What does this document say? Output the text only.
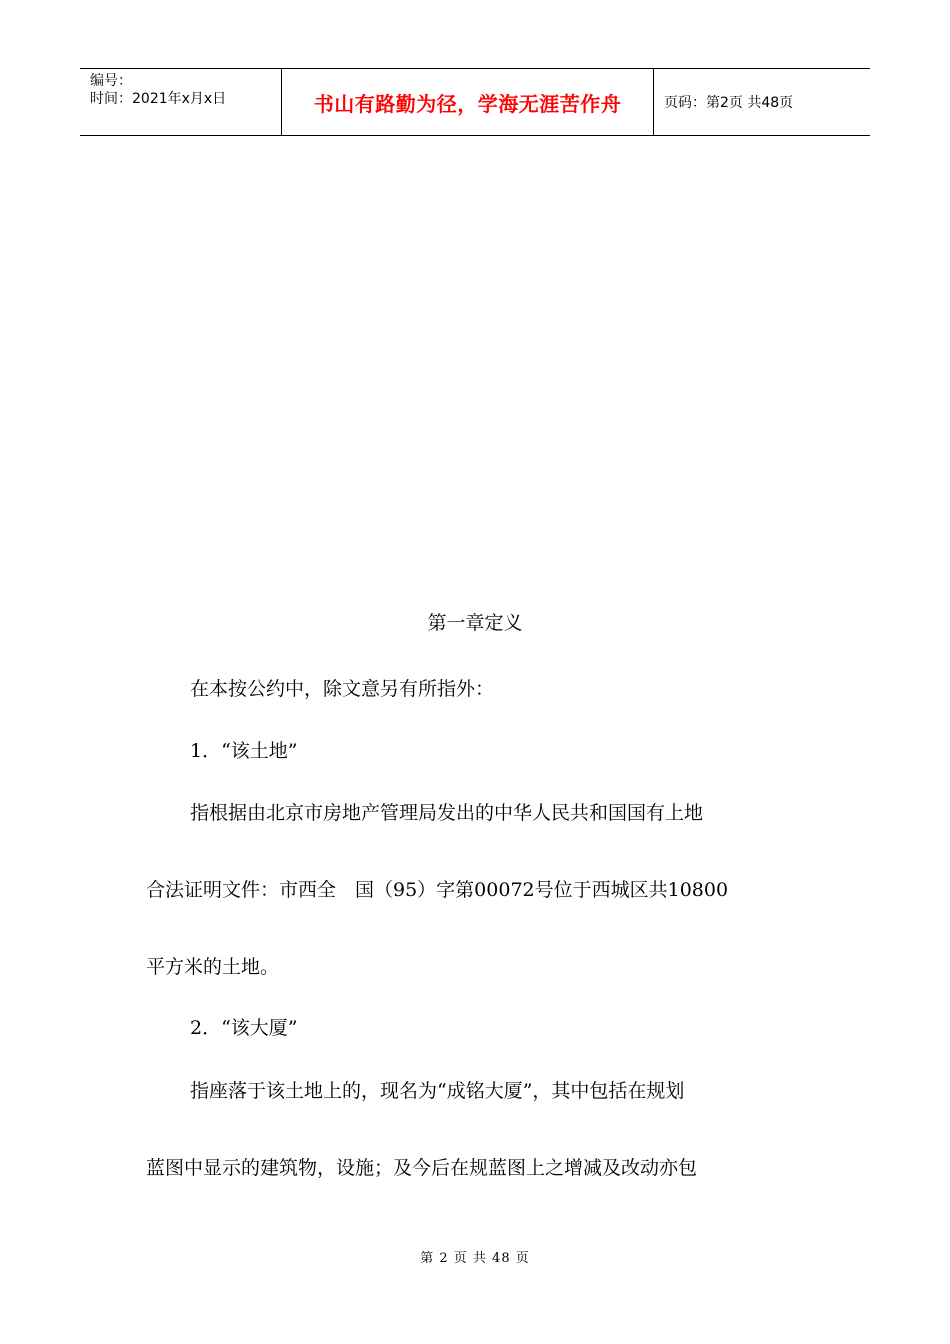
编号：
时间：2021年x月x日	书山有路勤为径，学海无涯苦作舟	页码：第2页 共48页
第一章定义
在本按公约中，除文意另有所指外：
1．“该土地”
指根据由北京市房地产管理局发出的中华人民共和国国有上地
合法证明文件：市西全　国（95）字第00072号位于西城区共10800
平方米的土地。
2．“该大厦”
指座落于该土地上的，现名为“成铭大厦”，其中包括在规划
蓝图中显示的建筑物，设施；及今后在规蓝图上之增减及改动亦包
第 2 页 共 48 页
